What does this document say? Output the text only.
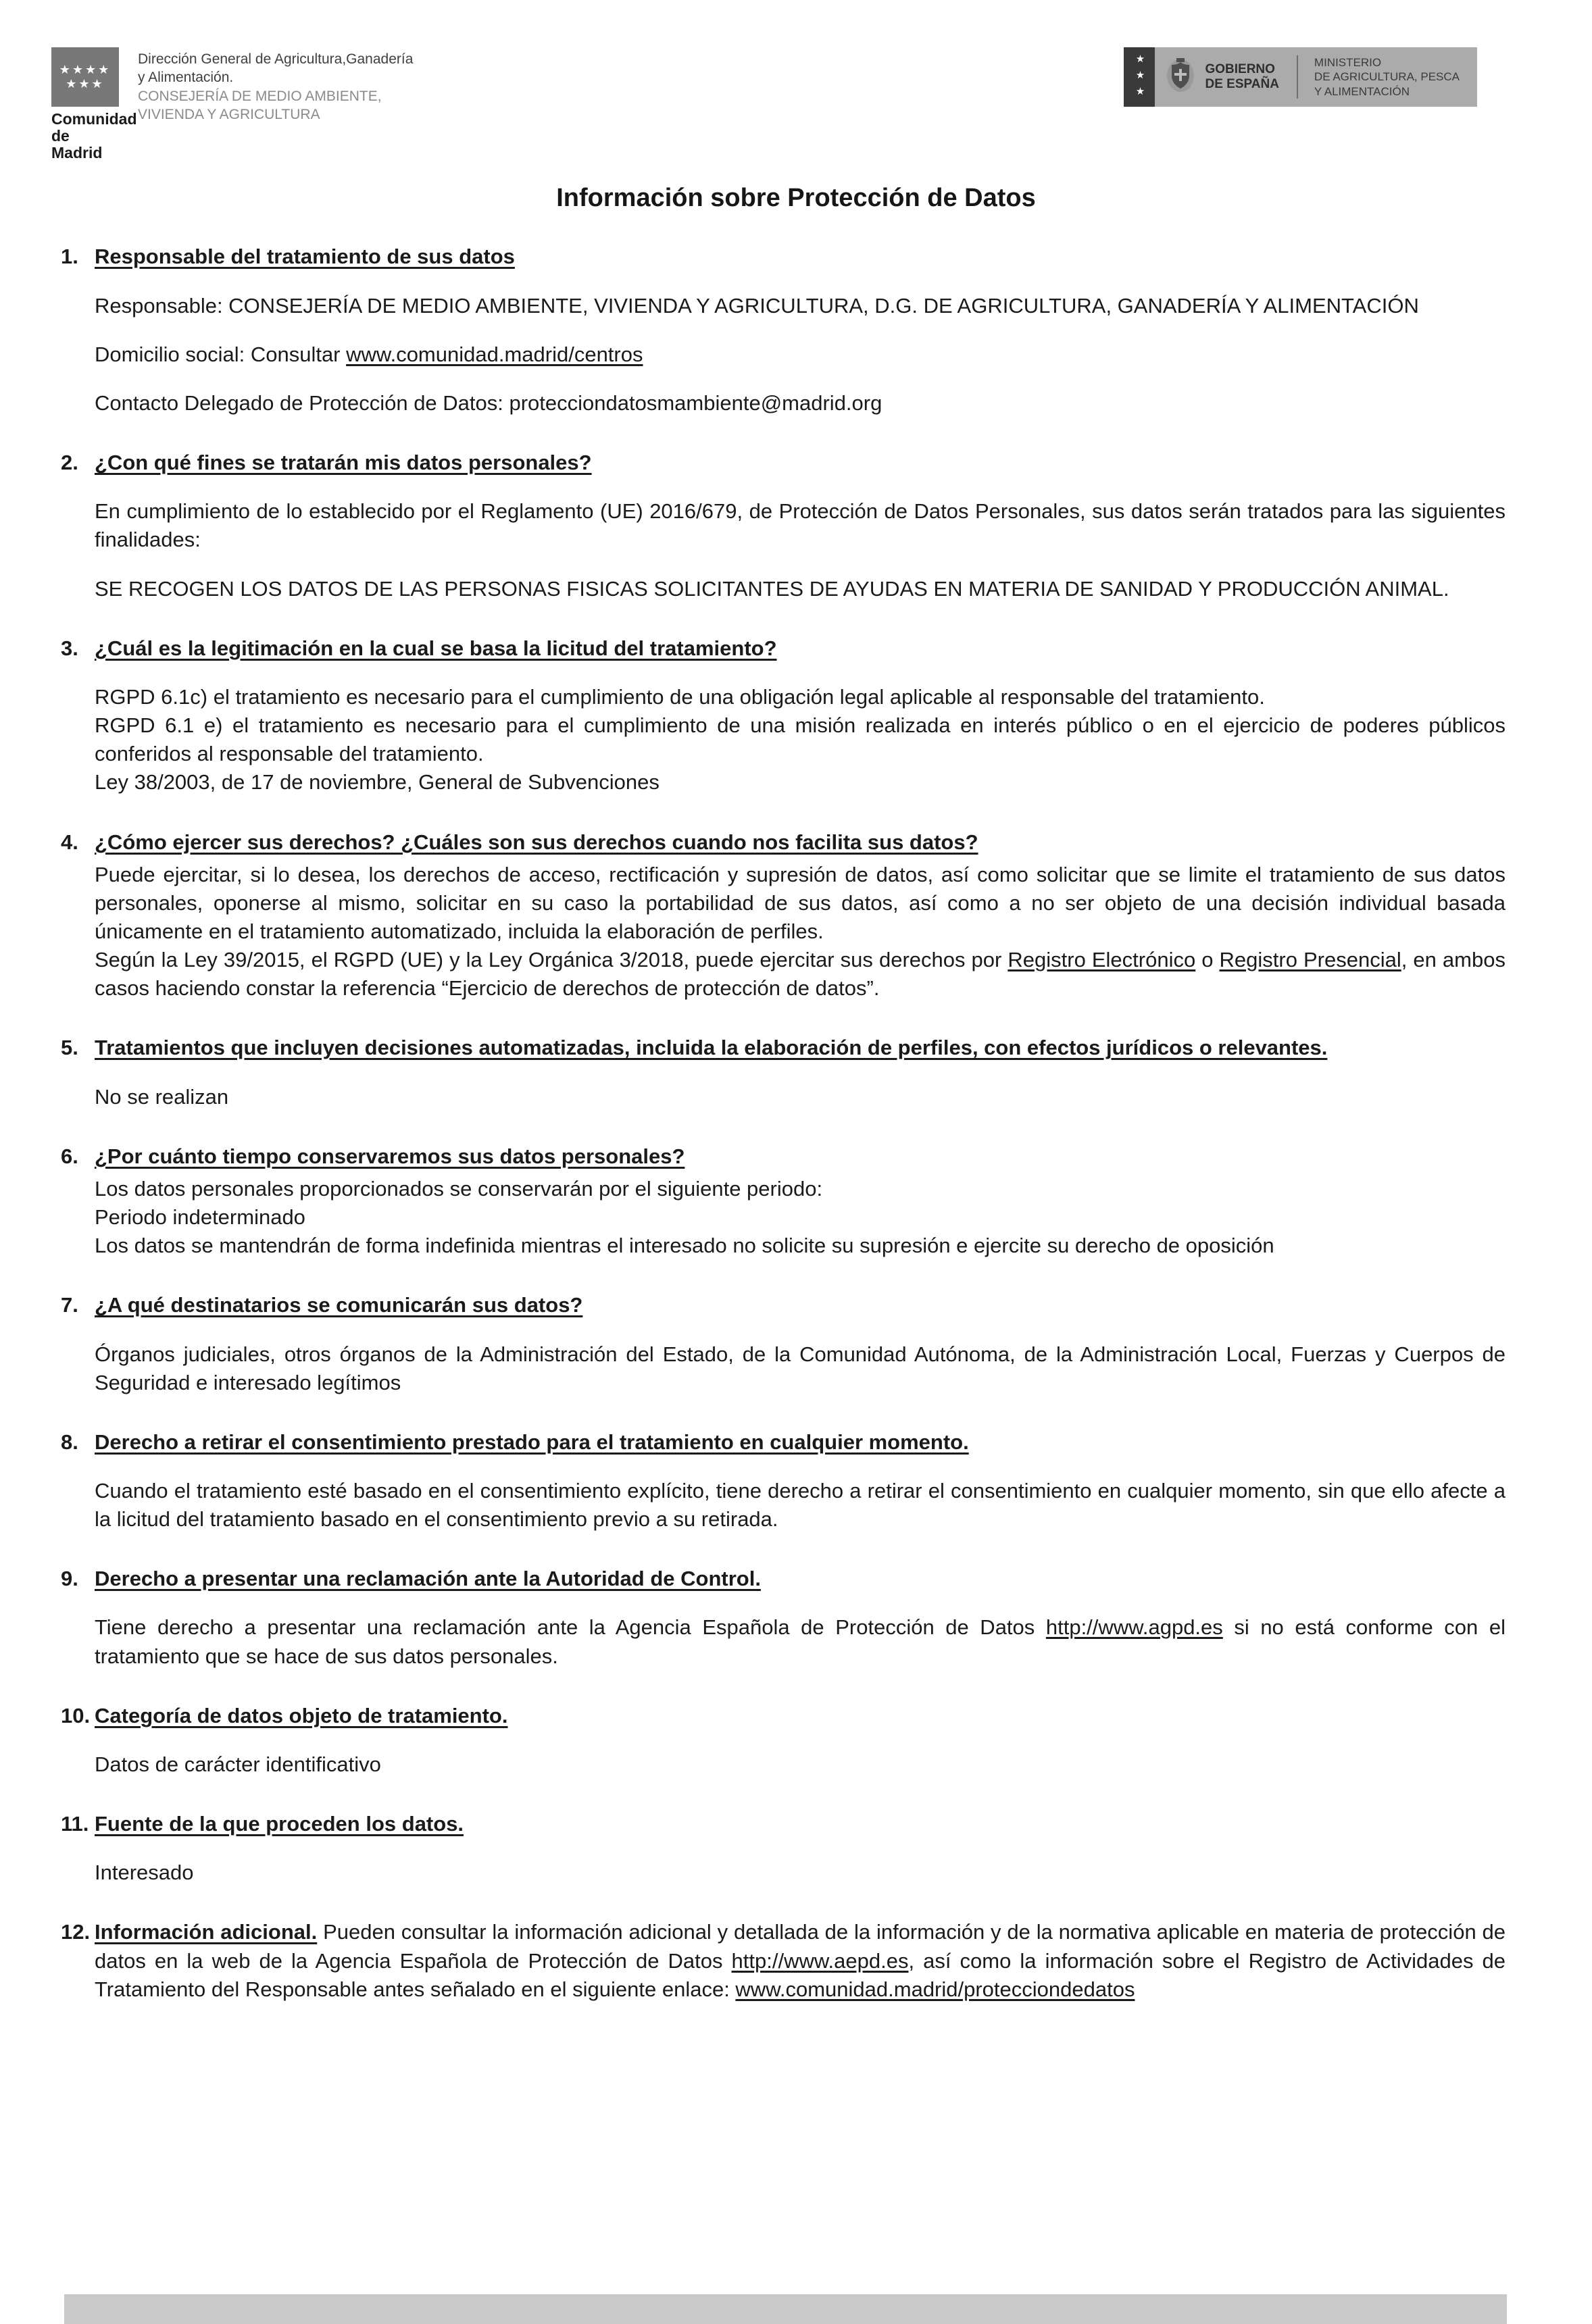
★★★★
★★★
Comunidad
de Madrid
Dirección General de Agricultura,Ganadería
y Alimentación.
CONSEJERÍA DE MEDIO AMBIENTE,
VIVIENDA Y AGRICULTURA
★★★	GOBIERNO
DE ESPAÑA
MINISTERIO
DE AGRICULTURA, PESCA
Y ALIMENTACIÓN
Información sobre Protección de Datos
1. Responsable del tratamiento de sus datos

Responsable: CONSEJERÍA DE MEDIO AMBIENTE, VIVIENDA Y AGRICULTURA, D.G. DE AGRICULTURA, GANADERÍA Y ALIMENTACIÓN

Domicilio social: Consultar www.comunidad.madrid/centros

Contacto Delegado de Protección de Datos: protecciondatosmambiente@madrid.org

2. ¿Con qué fines se tratarán mis datos personales?

En cumplimiento de lo establecido por el Reglamento (UE) 2016/679, de Protección de Datos Personales, sus datos serán tratados para las siguientes finalidades:

SE RECOGEN LOS DATOS DE LAS PERSONAS FISICAS SOLICITANTES DE AYUDAS EN MATERIA DE SANIDAD Y PRODUCCIÓN ANIMAL.

3. ¿Cuál es la legitimación en la cual se basa la licitud del tratamiento?

RGPD 6.1c) el tratamiento es necesario para el cumplimiento de una obligación legal aplicable al responsable del tratamiento.

RGPD 6.1 e) el tratamiento es necesario para el cumplimiento de una misión realizada en interés público o en el ejercicio de poderes públicos conferidos al responsable del tratamiento.

Ley 38/2003, de 17 de noviembre, General de Subvenciones

4. ¿Cómo ejercer sus derechos? ¿Cuáles son sus derechos cuando nos facilita sus datos?

Puede ejercitar, si lo desea, los derechos de acceso, rectificación y supresión de datos, así como solicitar que se limite el tratamiento de sus datos personales, oponerse al mismo, solicitar en su caso la portabilidad de sus datos, así como a no ser objeto de una decisión individual basada únicamente en el tratamiento automatizado, incluida la elaboración de perfiles.

Según la Ley 39/2015, el RGPD (UE) y la Ley Orgánica 3/2018, puede ejercitar sus derechos por Registro Electrónico o Registro Presencial, en ambos casos haciendo constar la referencia “Ejercicio de derechos de protección de datos”.

5. Tratamientos que incluyen decisiones automatizadas, incluida la elaboración de perfiles, con efectos jurídicos o relevantes.

No se realizan

6. ¿Por cuánto tiempo conservaremos sus datos personales?

Los datos personales proporcionados se conservarán por el siguiente periodo:

Periodo indeterminado

Los datos se mantendrán de forma indefinida mientras el interesado no solicite su supresión e ejercite su derecho de oposición

7. ¿A qué destinatarios se comunicarán sus datos?

Órganos judiciales, otros órganos de la Administración del Estado, de la Comunidad Autónoma, de la Administración Local, Fuerzas y Cuerpos de Seguridad e interesado legítimos

8. Derecho a retirar el consentimiento prestado para el tratamiento en cualquier momento.

Cuando el tratamiento esté basado en el consentimiento explícito, tiene derecho a retirar el consentimiento en cualquier momento, sin que ello afecte a la licitud del tratamiento basado en el consentimiento previo a su retirada.

9. Derecho a presentar una reclamación ante la Autoridad de Control.

Tiene derecho a presentar una reclamación ante la Agencia Española de Protección de Datos http://www.agpd.es si no está conforme con el tratamiento que se hace de sus datos personales.

10. Categoría de datos objeto de tratamiento.

Datos de carácter identificativo

11. Fuente de la que proceden los datos.

Interesado

12. Información adicional. Pueden consultar la información adicional y detallada de la información y de la normativa aplicable en materia de protección de datos en la web de la Agencia Española de Protección de Datos http://www.aepd.es, así como la información sobre el Registro de Actividades de Tratamiento del Responsable antes señalado en el siguiente enlace: www.comunidad.madrid/protecciondedatos
